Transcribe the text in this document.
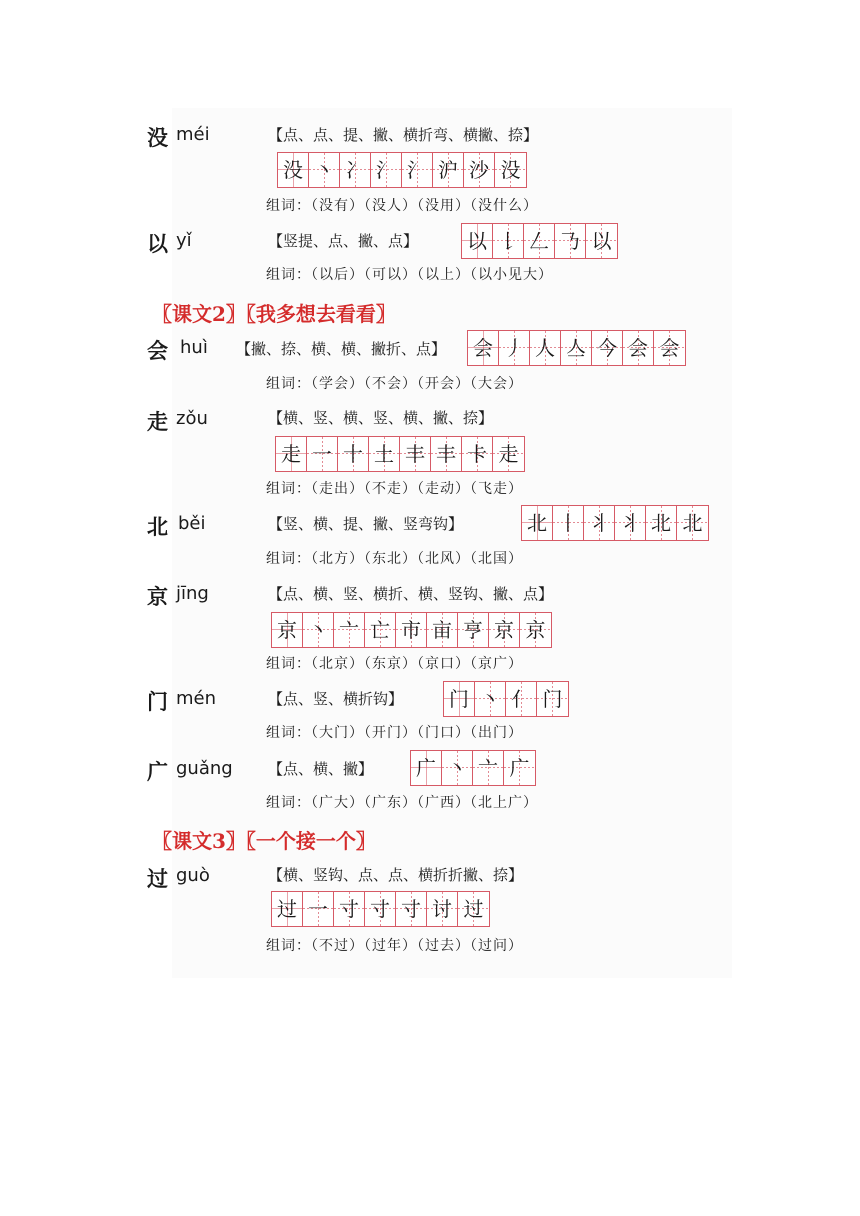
没 méi	【点、点、提、撇、横折弯、横撇、捺】
没 丶 冫 氵 氵 沪 沙 没
组词：（没有）（没人）（没用）（没什么）
以 yǐ	【竖提、点、撇、点】 以 𠄌 𠃋 𠄎 以
组词：（以后）（可以）（以上）（以小见大）
〖课文2〗〖我多想去看看〗
会 huì 【撇、捺、横、横、撇折、点】 会 丿 人 亼 今 会 会
组词：（学会）（不会）（开会）（大会）
走 zǒu	【横、竖、横、竖、横、撇、捺】
走 一 十 土 丰 丰 卡 走
组词：（走出）（不走）（走动）（飞走）
北 běi	【竖、横、提、撇、竖弯钩】	北 丨 丬 丬 北 北
组词：（北方）（东北）（北风）（北国）
京 jīng	【点、横、竖、横折、横、竖钩、撇、点】
京 丶 亠 亡 市 亩 亨 京 京
组词：（北京）（东京）（京口）（京广）
门 mén	【点、竖、横折钩】 门 丶 亻 门
组词：（大门）（开门）（门口）（出门）
广 guǎng 【点、横、撇】 广 丶 亠 广
组词：（广大）（广东）（广西）（北上广）
〖课文3〗〖一个接一个〗
过 guò	【横、竖钩、点、点、横折折撇、捺】
过 一 寸 寸 寸 讨 过
组词：（不过）（过年）（过去）（过问）
